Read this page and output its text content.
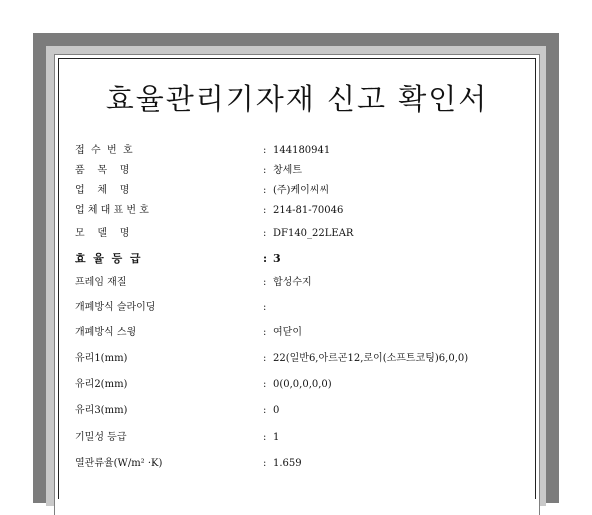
효율관리기자재 신고 확인서
접  수  번  호	: 144180941
품    목    명	: 창세트
업    체    명	: (주)케이씨씨
업 체 대 표 번 호	: 214-81-70046
모    델    명	: DF140_22LEAR
효  율  등  급	: 3
프레임 재질	: 합성수지
개폐방식 슬라이딩	:
개폐방식 스윙	: 여닫이
유리1(mm)	: 22(일반6,아르곤12,로이(소프트코팅)6,0,0)
유리2(mm)	: 0(0,0,0,0,0)
유리3(mm)	: 0
기밀성 등급	: 1
열관류율(W/m² ·K)	: 1.659
